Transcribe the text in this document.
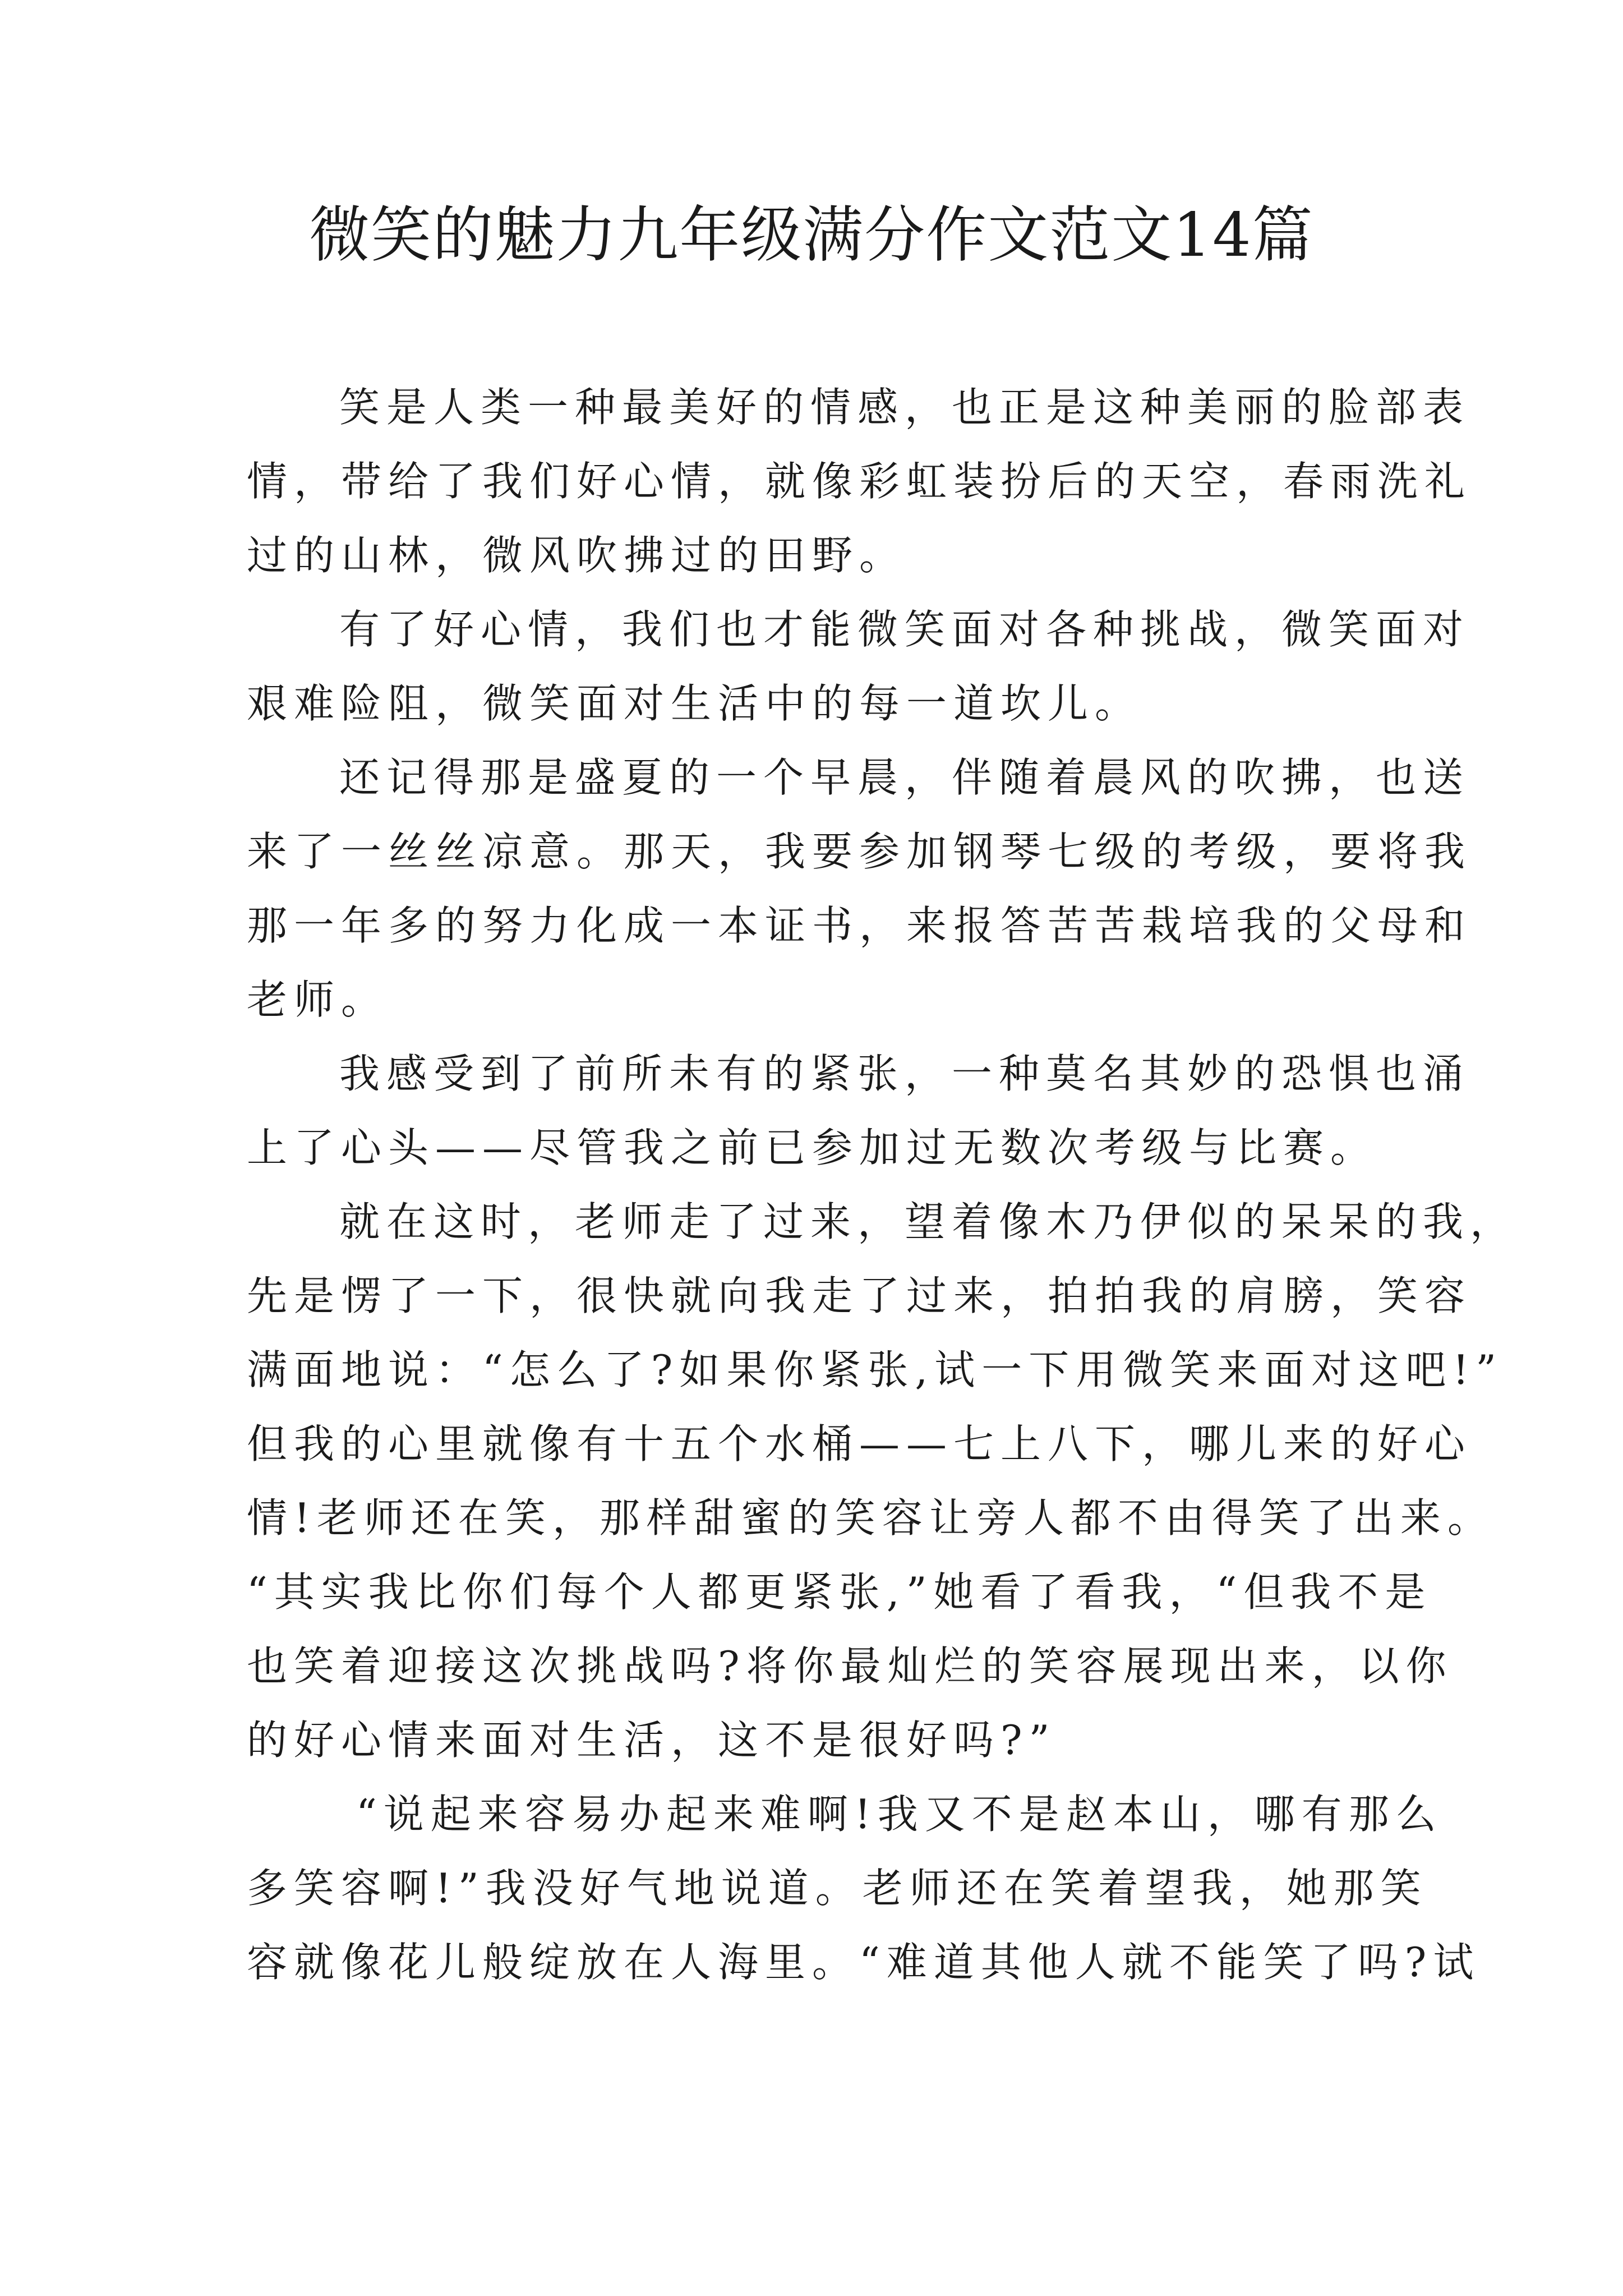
微笑的魅力九年级满分作文范文14篇
笑是人类一种最美好的情感，也正是这种美丽的脸部表
情，带给了我们好心情，就像彩虹装扮后的天空，春雨洗礼
过的山林，微风吹拂过的田野。
有了好心情，我们也才能微笑面对各种挑战，微笑面对
艰难险阻，微笑面对生活中的每一道坎儿。
还记得那是盛夏的一个早晨，伴随着晨风的吹拂，也送
来了一丝丝凉意。那天，我要参加钢琴七级的考级，要将我
那一年多的努力化成一本证书，来报答苦苦栽培我的父母和
老师。
我感受到了前所未有的紧张，一种莫名其妙的恐惧也涌
上了心头——尽管我之前已参加过无数次考级与比赛。
就在这时，老师走了过来，望着像木乃伊似的呆呆的我，
先是愣了一下，很快就向我走了过来，拍拍我的肩膀，笑容
满面地说：“怎么了?如果你紧张,试一下用微笑来面对这吧!”
但我的心里就像有十五个水桶——七上八下，哪儿来的好心
情!老师还在笑，那样甜蜜的笑容让旁人都不由得笑了出来。
“其实我比你们每个人都更紧张,”她看了看我，“但我不是
也笑着迎接这次挑战吗?将你最灿烂的笑容展现出来，以你
的好心情来面对生活，这不是很好吗?”
“说起来容易办起来难啊!我又不是赵本山，哪有那么
多笑容啊!”我没好气地说道。老师还在笑着望我，她那笑
容就像花儿般绽放在人海里。“难道其他人就不能笑了吗?试
